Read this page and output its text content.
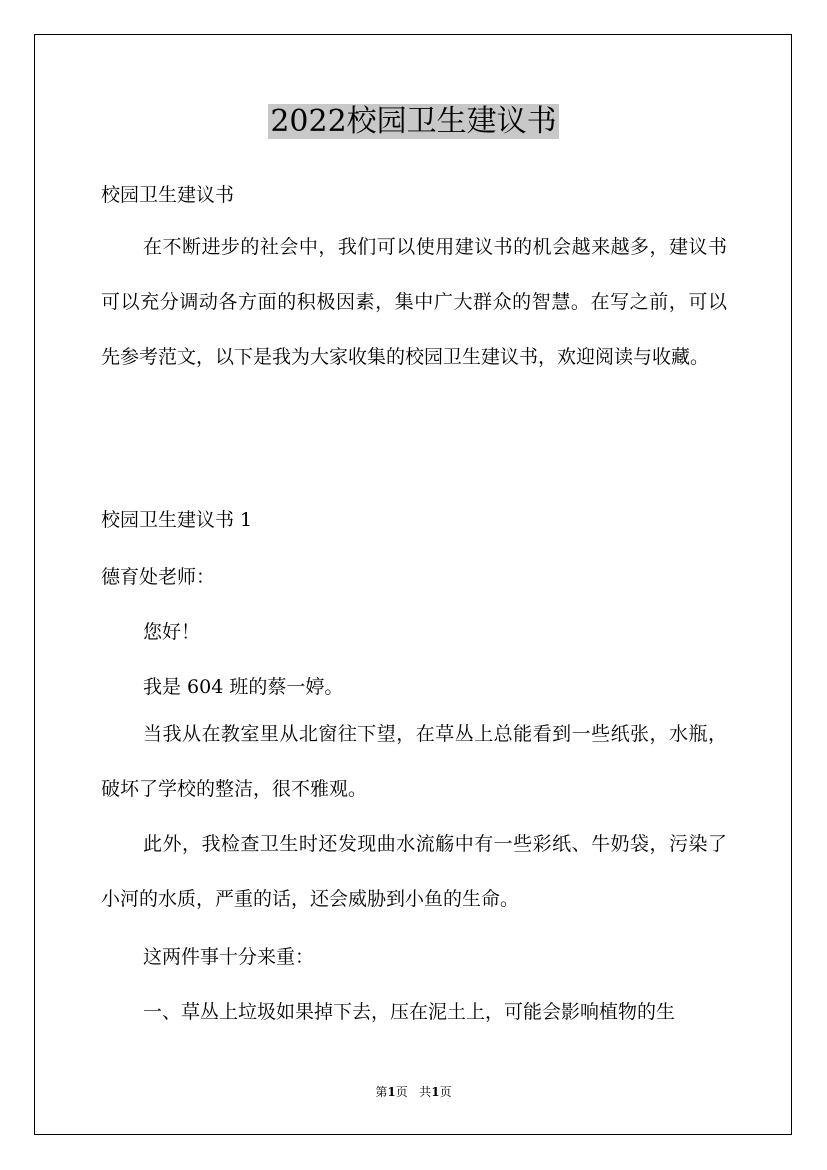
2022校园卫生建议书
校园卫生建议书
在不断进步的社会中，我们可以使用建议书的机会越来越多，建议书可以充分调动各方面的积极因素，集中广大群众的智慧。在写之前，可以先参考范文，以下是我为大家收集的校园卫生建议书，欢迎阅读与收藏。
校园卫生建议书 1
德育处老师：
您好！
我是 604 班的蔡一婷。
当我从在教室里从北窗往下望，在草丛上总能看到一些纸张，水瓶，破坏了学校的整洁，很不雅观。
此外，我检查卫生时还发现曲水流觞中有一些彩纸、牛奶袋，污染了小河的水质，严重的话，还会威胁到小鱼的生命。
这两件事十分来重：
一、草丛上垃圾如果掉下去，压在泥土上，可能会影响植物的生
第1页   共1页
